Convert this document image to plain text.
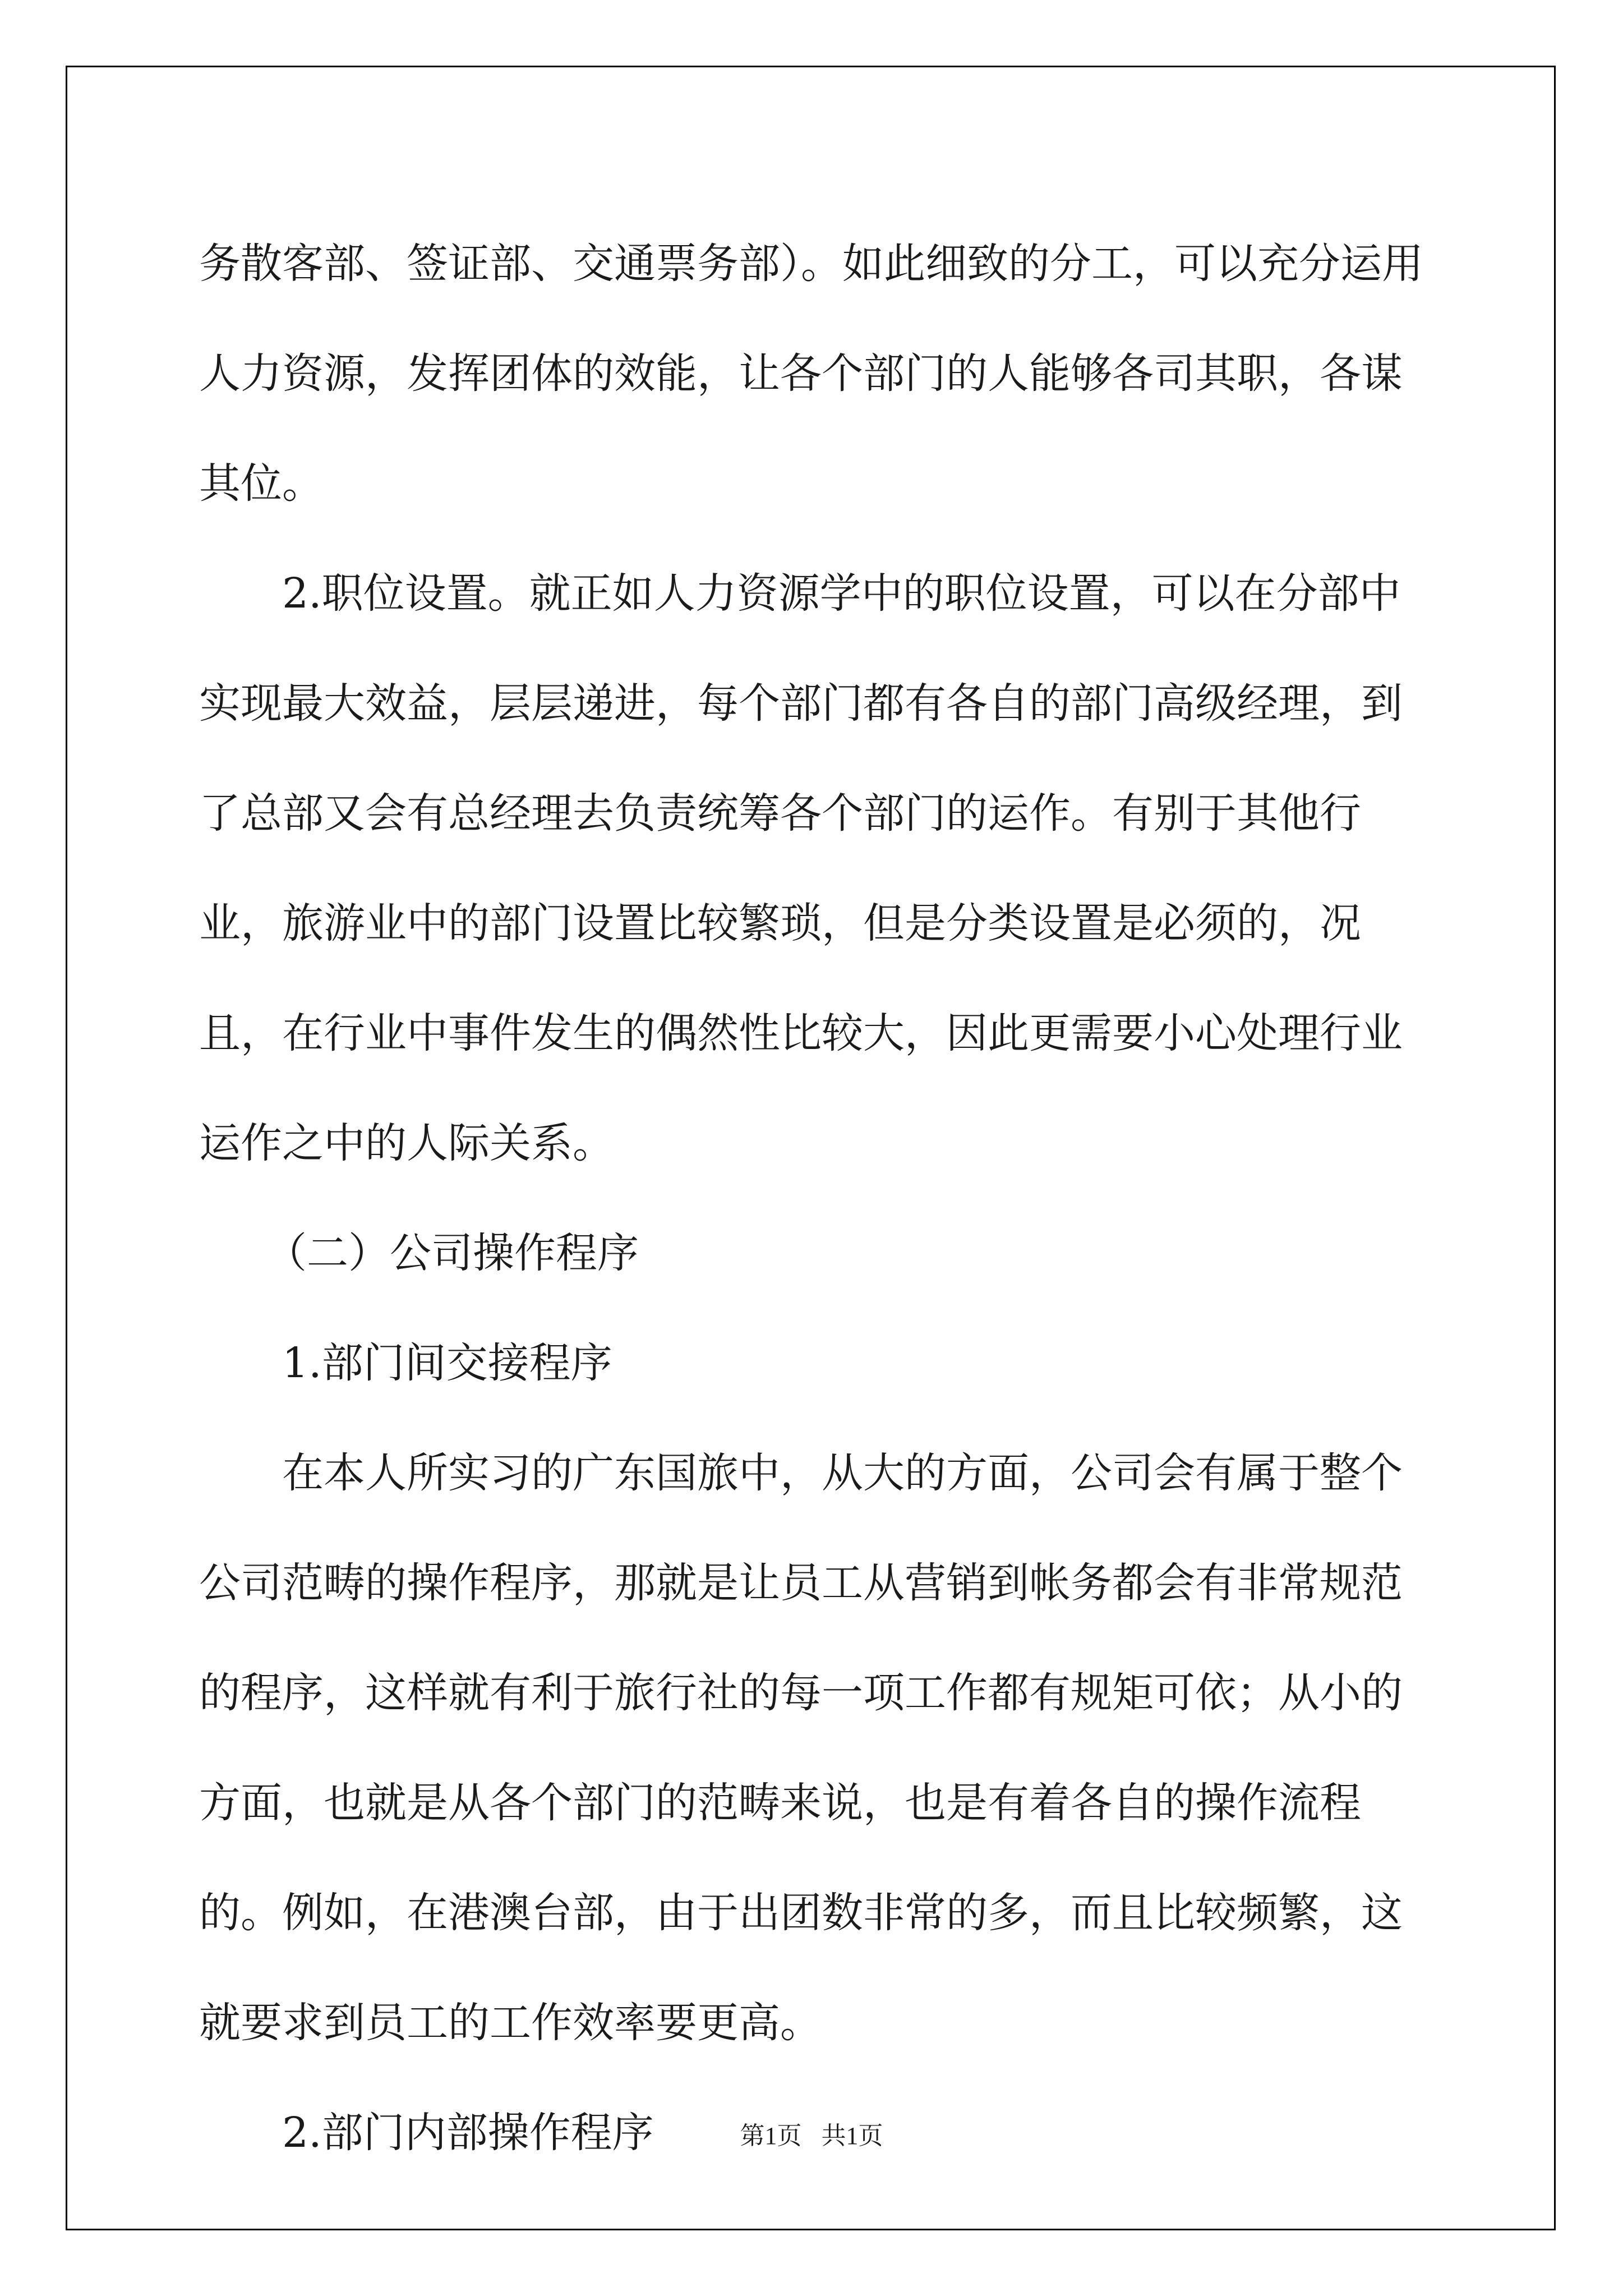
务散客部、签证部、交通票务部）。如此细致的分工，可以充分运用人力资源，发挥团体的效能，让各个部门的人能够各司其职，各谋其位。

2.职位设置。就正如人力资源学中的职位设置，可以在分部中实现最大效益，层层递进，每个部门都有各自的部门高级经理，到了总部又会有总经理去负责统筹各个部门的运作。有别于其他行业，旅游业中的部门设置比较繁琐，但是分类设置是必须的，况且，在行业中事件发生的偶然性比较大，因此更需要小心处理行业运作之中的人际关系。

（二）公司操作程序

1.部门间交接程序

在本人所实习的广东国旅中，从大的方面，公司会有属于整个公司范畴的操作程序，那就是让员工从营销到帐务都会有非常规范的程序，这样就有利于旅行社的每一项工作都有规矩可依；从小的方面，也就是从各个部门的范畴来说，也是有着各自的操作流程的。例如，在港澳台部，由于出团数非常的多，而且比较频繁，这就要求到员工的工作效率要更高。

2.部门内部操作程序	第1页 共1页
